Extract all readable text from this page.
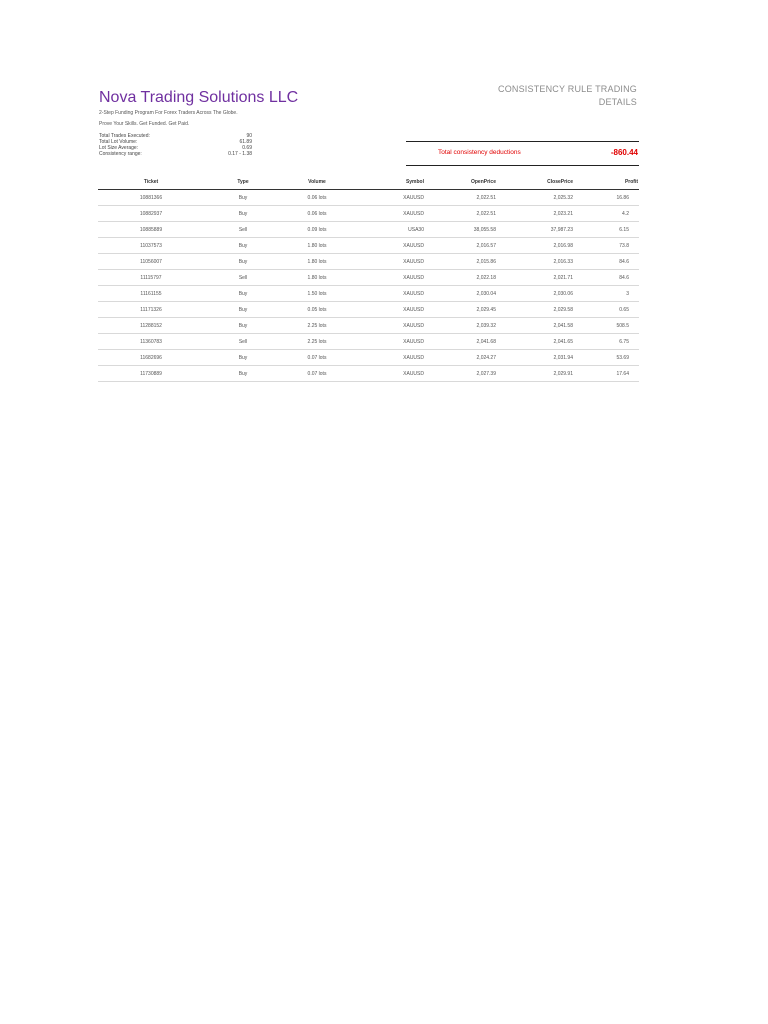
Nova Trading Solutions LLC
2-Step Funding Program For Forex Traders Across The Globe.
Prove Your Skills. Get Funded. Get Paid.
CONSISTENCY RULE TRADING
DETAILS
Total Trades Executed:	90
Total Lot Volume:	61.89
Lot Size Average:	0.69
Consistency range:	0.17 - 1.38	Total consistency deductions	-860.44
Ticket	Type	Volume	Symbol	OpenPrice	ClosePrice	Profit
10881366	Buy	0.06 lots	XAUUSD	2,022.51	2,025.32	16.86
10882937	Buy	0.06 lots	XAUUSD	2,022.51	2,023.21	4.2
10885889	Sell	0.09 lots	USA30	38,055.58	37,987.23	6.15
11037573	Buy	1.80 lots	XAUUSD	2,016.57	2,016.98	73.8
11056007	Buy	1.80 lots	XAUUSD	2,015.86	2,016.33	84.6
11115797	Sell	1.80 lots	XAUUSD	2,022.18	2,021.71	84.6
11161155	Buy	1.50 lots	XAUUSD	2,030.04	2,030.06	3
11171326	Buy	0.05 lots	XAUUSD	2,029.45	2,029.58	0.65
11288152	Buy	2.25 lots	XAUUSD	2,039.32	2,041.58	508.5
11360783	Sell	2.25 lots	XAUUSD	2,041.68	2,041.65	6.75
11682696	Buy	0.07 lots	XAUUSD	2,024.27	2,031.94	53.69
11730889	Buy	0.07 lots	XAUUSD	2,027.39	2,029.91	17.64
